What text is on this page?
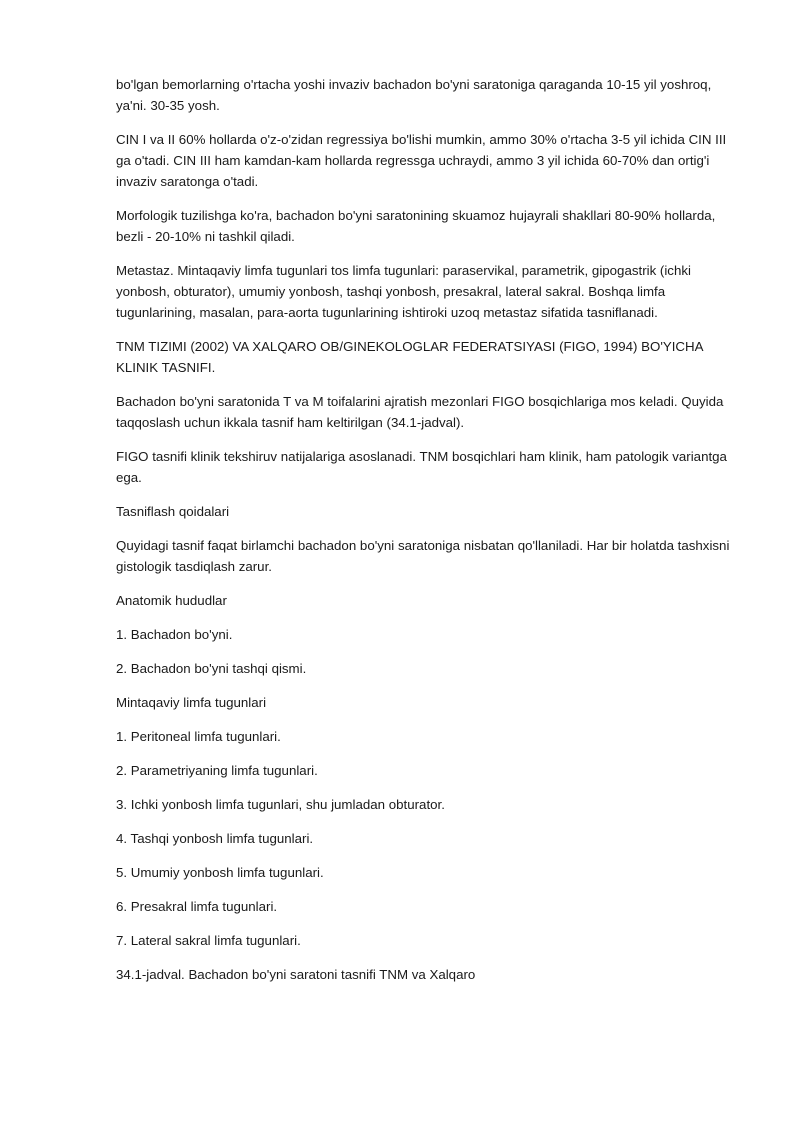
bo'lgan bemorlarning o'rtacha yoshi invaziv bachadon bo'yni saratoniga qaraganda 10-15 yil yoshroq, ya'ni. 30-35 yosh.

CIN I va II 60% hollarda o'z-o'zidan regressiya bo'lishi mumkin, ammo 30% o'rtacha 3-5 yil ichida CIN III ga o'tadi. CIN III ham kamdan-kam hollarda regressga uchraydi, ammo 3 yil ichida 60-70% dan ortig'i invaziv saratonga o'tadi.

Morfologik tuzilishga ko'ra, bachadon bo'yni saratonining skuamoz hujayrali shakllari 80-90% hollarda, bezli - 20-10% ni tashkil qiladi.

Metastaz. Mintaqaviy limfa tugunlari tos limfa tugunlari: paraservikal, parametrik, gipogastrik (ichki yonbosh, obturator), umumiy yonbosh, tashqi yonbosh, presakral, lateral sakral. Boshqa limfa tugunlarining, masalan, para-aorta tugunlarining ishtiroki uzoq metastaz sifatida tasniflanadi.

TNM TIZIMI (2002) VA XALQARO OB/GINEKOLOGLAR FEDERATSIYASI (FIGO, 1994) BO'YICHA KLINIK TASNIFI.

Bachadon bo'yni saratonida T va M toifalarini ajratish mezonlari FIGO bosqichlariga mos keladi. Quyida taqqoslash uchun ikkala tasnif ham keltirilgan (34.1-jadval).

FIGO tasnifi klinik tekshiruv natijalariga asoslanadi. TNM bosqichlari ham klinik, ham patologik variantga ega.

Tasniflash qoidalari

Quyidagi tasnif faqat birlamchi bachadon bo'yni saratoniga nisbatan qo'llaniladi. Har bir holatda tashxisni gistologik tasdiqlash zarur.

Anatomik hududlar

1. Bachadon bo'yni.

2. Bachadon bo'yni tashqi qismi.

Mintaqaviy limfa tugunlari

1. Peritoneal limfa tugunlari.

2. Parametriyaning limfa tugunlari.

3. Ichki yonbosh limfa tugunlari, shu jumladan obturator.

4. Tashqi yonbosh limfa tugunlari.

5. Umumiy yonbosh limfa tugunlari.

6. Presakral limfa tugunlari.

7. Lateral sakral limfa tugunlari.

34.1-jadval. Bachadon bo'yni saratoni tasnifi TNM va Xalqaro
